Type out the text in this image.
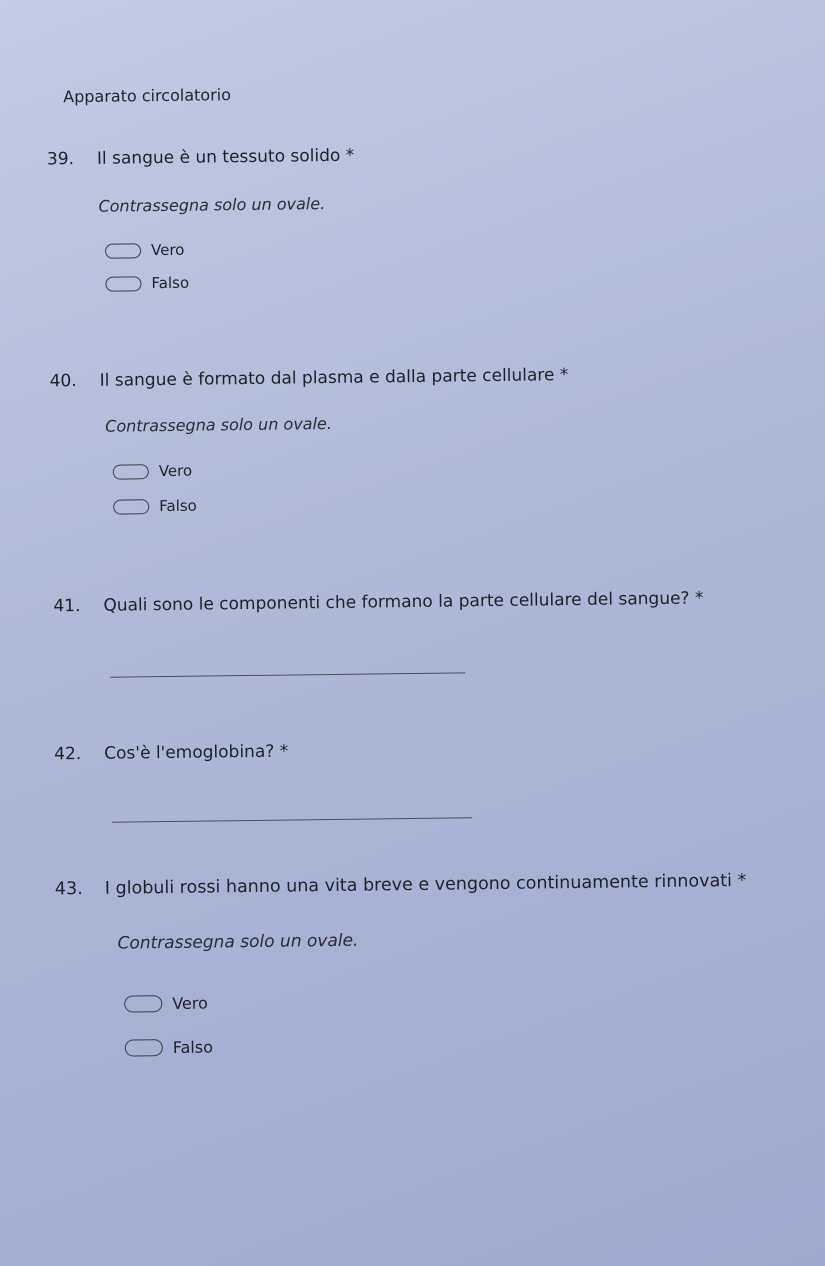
Apparato circolatorio
39. Il sangue è un tessuto solido *
Contrassegna solo un ovale.
Vero
Falso
40. Il sangue è formato dal plasma e dalla parte cellulare *
Contrassegna solo un ovale.
Vero
Falso
41. Quali sono le componenti che formano la parte cellulare del sangue? *
42. Cos'è l'emoglobina? *
43. I globuli rossi hanno una vita breve e vengono continuamente rinnovati *
Contrassegna solo un ovale.
Vero
Falso
